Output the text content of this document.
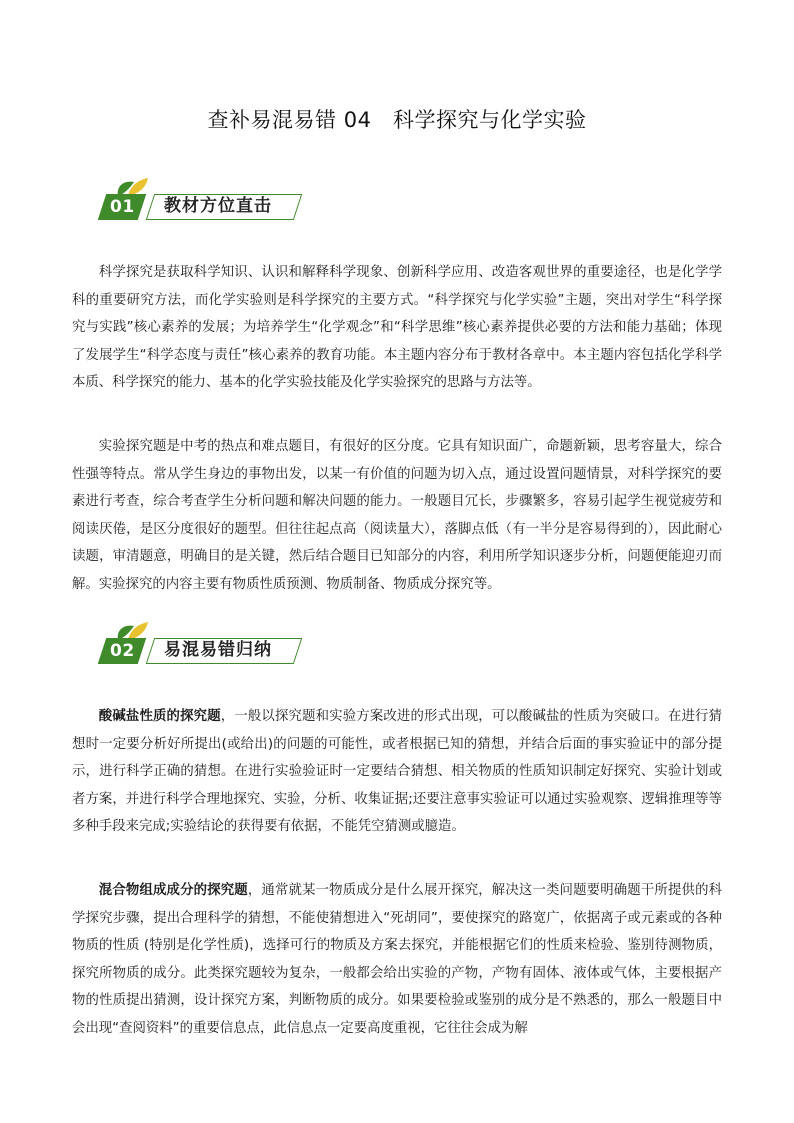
查补易混易错 04　科学探究与化学实验
01	教材方位直击

科学探究是获取科学知识、认识和解释科学现象、创新科学应用、改造客观世界的重要途径，也是化学学科的重要研究方法，而化学实验则是科学探究的主要方式。“科学探究与化学实验”主题，突出对学生“科学探究与实践”核心素养的发展；为培养学生“化学观念”和“科学思维”核心素养提供必要的方法和能力基础；体现了发展学生“科学态度与责任”核心素养的教育功能。本主题内容分布于教材各章中。本主题内容包括化学科学本质、科学探究的能力、基本的化学实验技能及化学实验探究的思路与方法等。

实验探究题是中考的热点和难点题目，有很好的区分度。它具有知识面广，命题新颖，思考容量大，综合性强等特点。常从学生身边的事物出发，以某一有价值的问题为切入点，通过设置问题情景，对科学探究的要素进行考查，综合考查学生分析问题和解决问题的能力。一般题目冗长，步骤繁多，容易引起学生视觉疲劳和阅读厌倦，是区分度很好的题型。但往往起点高（阅读量大），落脚点低（有一半分是容易得到的），因此耐心读题，审清题意，明确目的是关键，然后结合题目已知部分的内容，利用所学知识逐步分析，问题便能迎刃而解。实验探究的内容主要有物质性质预测、物质制备、物质成分探究等。

02	易混易错归纳

酸碱盐性质的探究题，一般以探究题和实验方案改进的形式出现，可以酸碱盐的性质为突破口。在进行猜想时一定要分析好所提出(或给出)的问题的可能性，或者根据已知的猜想，并结合后面的事实验证中的部分提示，进行科学正确的猜想。在进行实验验证时一定要结合猜想、相关物质的性质知识制定好探究、实验计划或者方案，并进行科学合理地探究、实验，分析、收集证据;还要注意事实验证可以通过实验观察、逻辑推理等等多种手段来完成;实验结论的获得要有依据，不能凭空猜测或臆造。

混合物组成成分的探究题，通常就某一物质成分是什么展开探究，解决这一类问题要明确题干所提供的科学探究步骤，提出合理科学的猜想，不能使猜想进入“死胡同”，要使探究的路宽广，依据离子或元素或的各种物质的性质 (特别是化学性质)，选择可行的物质及方案去探究，并能根据它们的性质来检验、鉴别待测物质，探究所物质的成分。此类探究题较为复杂，一般都会给出实验的产物，产物有固体、液体或气体，主要根据产物的性质提出猜测，设计探究方案，判断物质的成分。如果要检验或鉴别的成分是不熟悉的，那么一般题目中会出现“查阅资料”的重要信息点，此信息点一定要高度重视，它往往会成为解
